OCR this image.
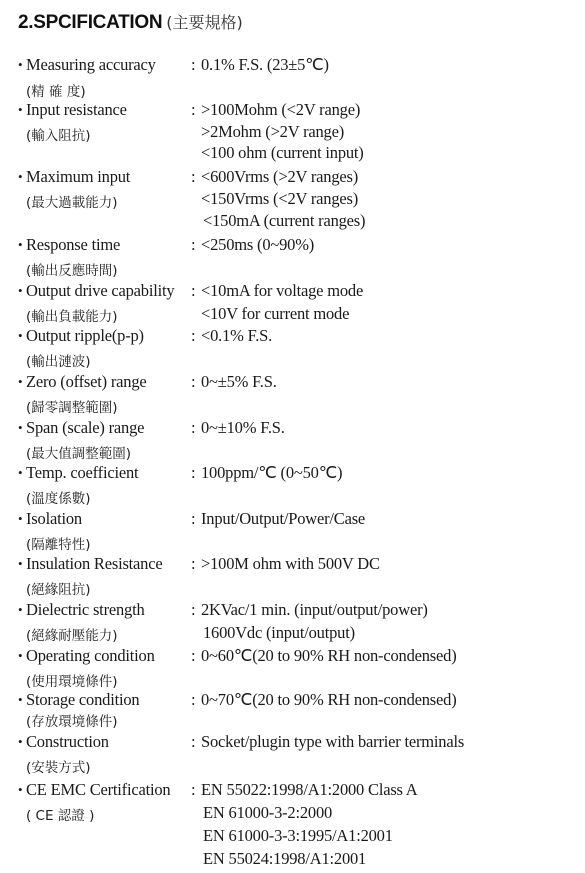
2.SPCIFICATION (主要規格)
• Measuring accuracy
(精 確 度)
: 0.1% F.S. (23±5℃)
• Input resistance
(輸入阻抗)
: >100Mohm (<2V range)
>2Mohm (>2V range)
<100 ohm (current input)
• Maximum input
(最大過載能力)
: <600Vrms (>2V ranges)
<150Vrms (<2V ranges)
<150mA (current ranges)
• Response time
(輸出反應時間)
: <250ms (0~90%)
• Output drive capability
(輸出負載能力)
: <10mA for voltage mode
<10V for current mode
• Output ripple(p-p)
(輸出漣波)
: <0.1% F.S.
• Zero (offset) range
(歸零調整範圍)
: 0~±5% F.S.
• Span (scale) range
(最大值調整範圍)
: 0~±10% F.S.
• Temp. coefficient
(溫度係數)
: 100ppm/℃ (0~50℃)
• Isolation
(隔離特性)
: Input/Output/Power/Case
• Insulation Resistance
(絕緣阻抗)
: >100M ohm with 500V DC
• Dielectric strength
(絕緣耐壓能力)
: 2KVac/1 min. (input/output/power)
1600Vdc (input/output)
• Operating condition
(使用環境條件)
: 0~60℃(20 to 90% RH non-condensed)
• Storage condition
(存放環境條件)
: 0~70℃(20 to 90% RH non-condensed)
• Construction
(安裝方式)
: Socket/plugin type with barrier terminals
• CE EMC Certification
( CE 認證 )
: EN 55022:1998/A1:2000 Class A
EN 61000-3-2:2000
EN 61000-3-3:1995/A1:2001
EN 55024:1998/A1:2001
